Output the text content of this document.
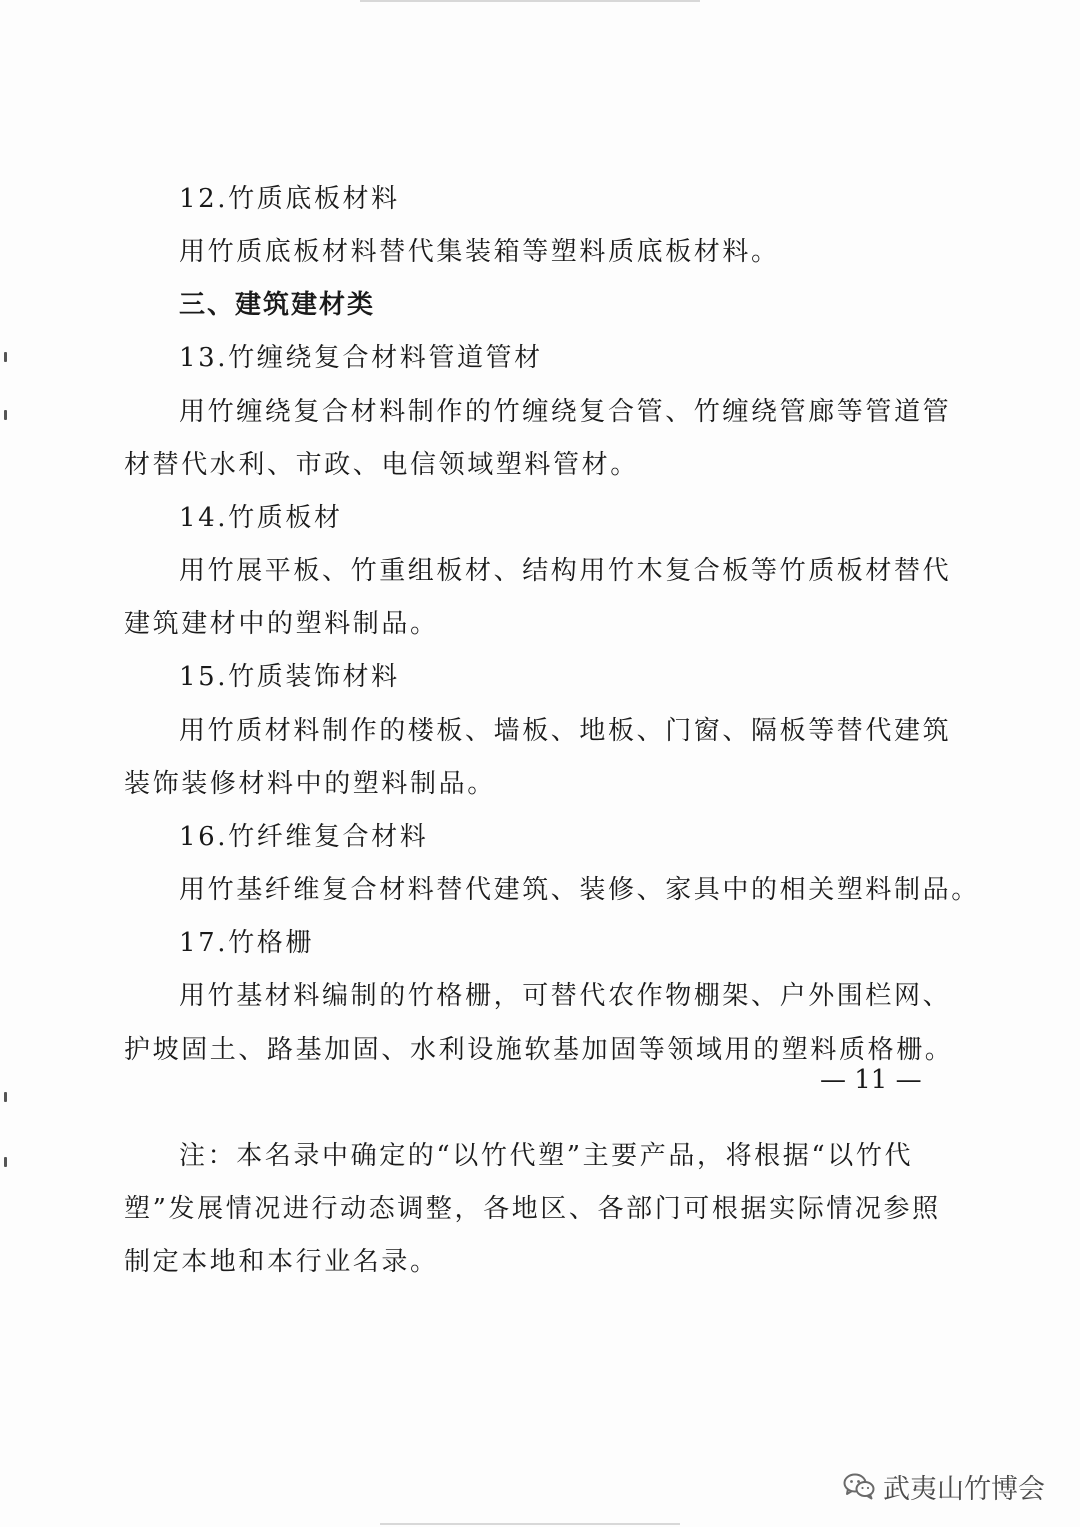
12.竹质底板材料
用竹质底板材料替代集装箱等塑料质底板材料。
三、建筑建材类
13.竹缠绕复合材料管道管材
用竹缠绕复合材料制作的竹缠绕复合管、竹缠绕管廊等管道管
材替代水利、市政、电信领域塑料管材。
14.竹质板材
用竹展平板、竹重组板材、结构用竹木复合板等竹质板材替代
建筑建材中的塑料制品。
15.竹质装饰材料
用竹质材料制作的楼板、墙板、地板、门窗、隔板等替代建筑
装饰装修材料中的塑料制品。
16.竹纤维复合材料
用竹基纤维复合材料替代建筑、装修、家具中的相关塑料制品。
17.竹格栅
用竹基材料编制的竹格栅，可替代农作物棚架、户外围栏网、
护坡固土、路基加固、水利设施软基加固等领域用的塑料质格栅。
注：本名录中确定的“以竹代塑”主要产品，将根据“以竹代
塑”发展情况进行动态调整，各地区、各部门可根据实际情况参照
制定本地和本行业名录。
— 11 —
武夷山竹博会
